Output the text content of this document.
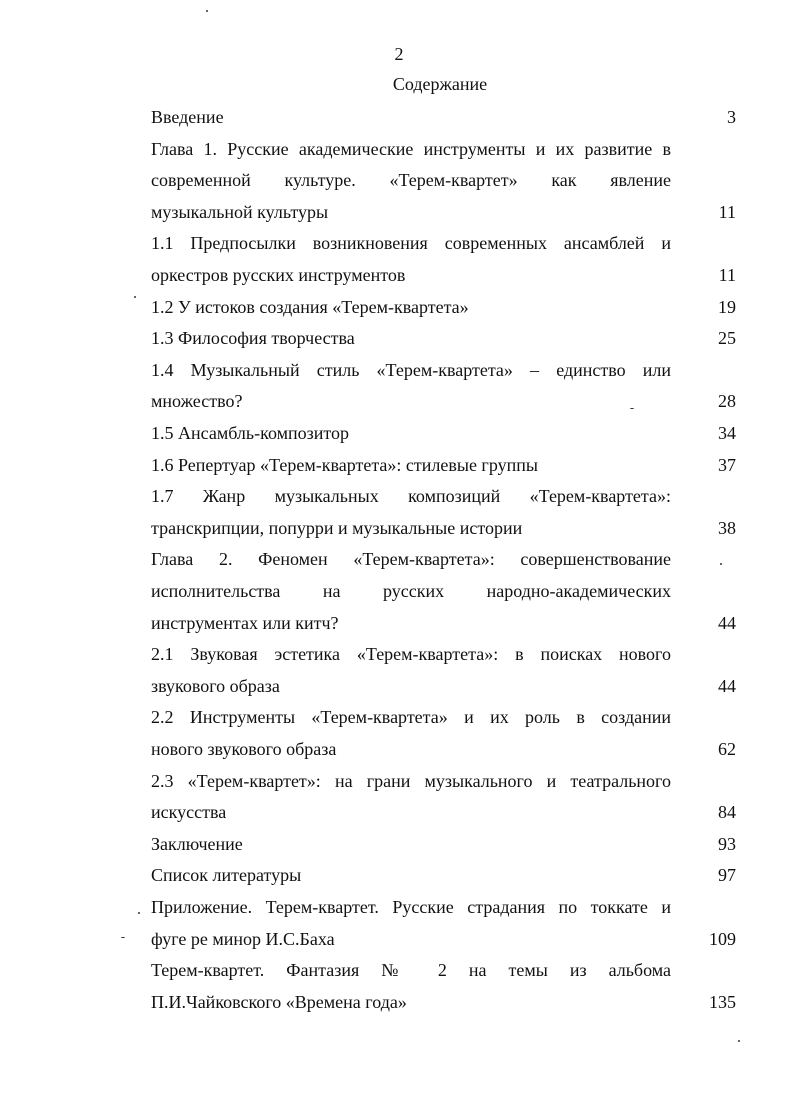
2
Содержание
Введение	3
Глава 1. Русские академические инструменты и их развитие в
современной культуре. «Терем-квартет» как явление
музыкальной культуры	11
1.1 Предпосылки возникновения современных ансамблей и
оркестров русских инструментов	11
1.2 У истоков создания «Терем-квартета»	19
1.3 Философия творчества	25
1.4 Музыкальный стиль «Терем-квартета» – единство или
множество?	28
1.5 Ансамбль-композитор	34
1.6 Репертуар «Терем-квартета»: стилевые группы	37
1.7 Жанр музыкальных композиций «Терем-квартета»:
транскрипции, попурри и музыкальные истории	38
Глава 2. Феномен «Терем-квартета»: совершенствование
исполнительства на русских народно-академических
инструментах или китч?	44
2.1 Звуковая эстетика «Терем-квартета»: в поисках нового
звукового образа	44
2.2 Инструменты «Терем-квартета» и их роль в создании
нового звукового образа	62
2.3 «Терем-квартет»: на грани музыкального и театрального
искусства	84
Заключение	93
Список литературы	97
Приложение. Терем-квартет. Русские страдания по токкате и
фуге ре минор И.С.Баха	109
Терем-квартет. Фантазия № 2 на темы из альбома
П.И.Чайковского «Времена года»	135
